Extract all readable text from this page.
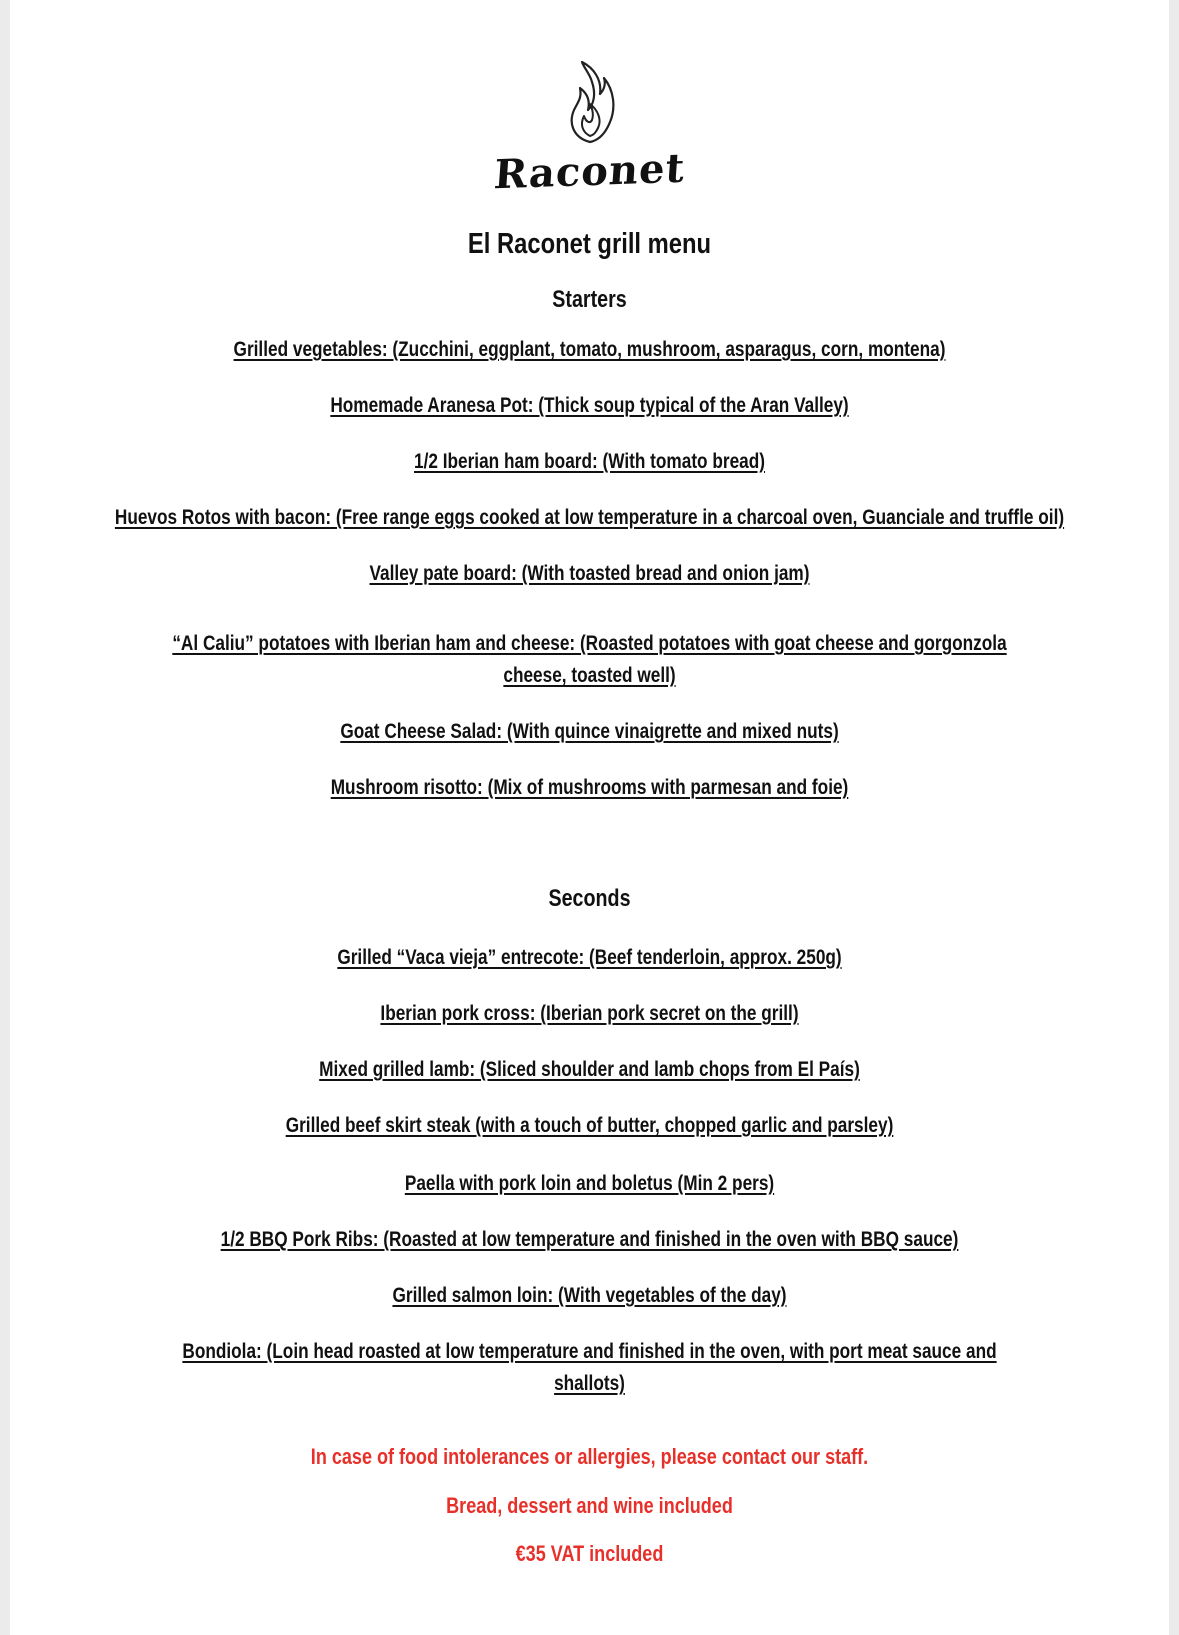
Raconet
El Raconet grill menu
Starters
Grilled vegetables: (Zucchini, eggplant, tomato, mushroom, asparagus, corn, montena)
Homemade Aranesa Pot: (Thick soup typical of the Aran Valley)
1/2 Iberian ham board: (With tomato bread)
Huevos Rotos with bacon: (Free range eggs cooked at low temperature in a charcoal oven, Guanciale and truffle oil)
Valley pate board: (With toasted bread and onion jam)
“Al Caliu” potatoes with Iberian ham and cheese: (Roasted potatoes with goat cheese and gorgonzola cheese, toasted well)
Goat Cheese Salad: (With quince vinaigrette and mixed nuts)
Mushroom risotto: (Mix of mushrooms with parmesan and foie)
Seconds
Grilled “Vaca vieja” entrecote: (Beef tenderloin, approx. 250g)
Iberian pork cross: (Iberian pork secret on the grill)
Mixed grilled lamb: (Sliced shoulder and lamb chops from El País)
Grilled beef skirt steak (with a touch of butter, chopped garlic and parsley)
Paella with pork loin and boletus (Min 2 pers)
1/2 BBQ Pork Ribs: (Roasted at low temperature and finished in the oven with BBQ sauce)
Grilled salmon loin: (With vegetables of the day)
Bondiola: (Loin head roasted at low temperature and finished in the oven, with port meat sauce and shallots)
In case of food intolerances or allergies, please contact our staff.
Bread, dessert and wine included
€35 VAT included
